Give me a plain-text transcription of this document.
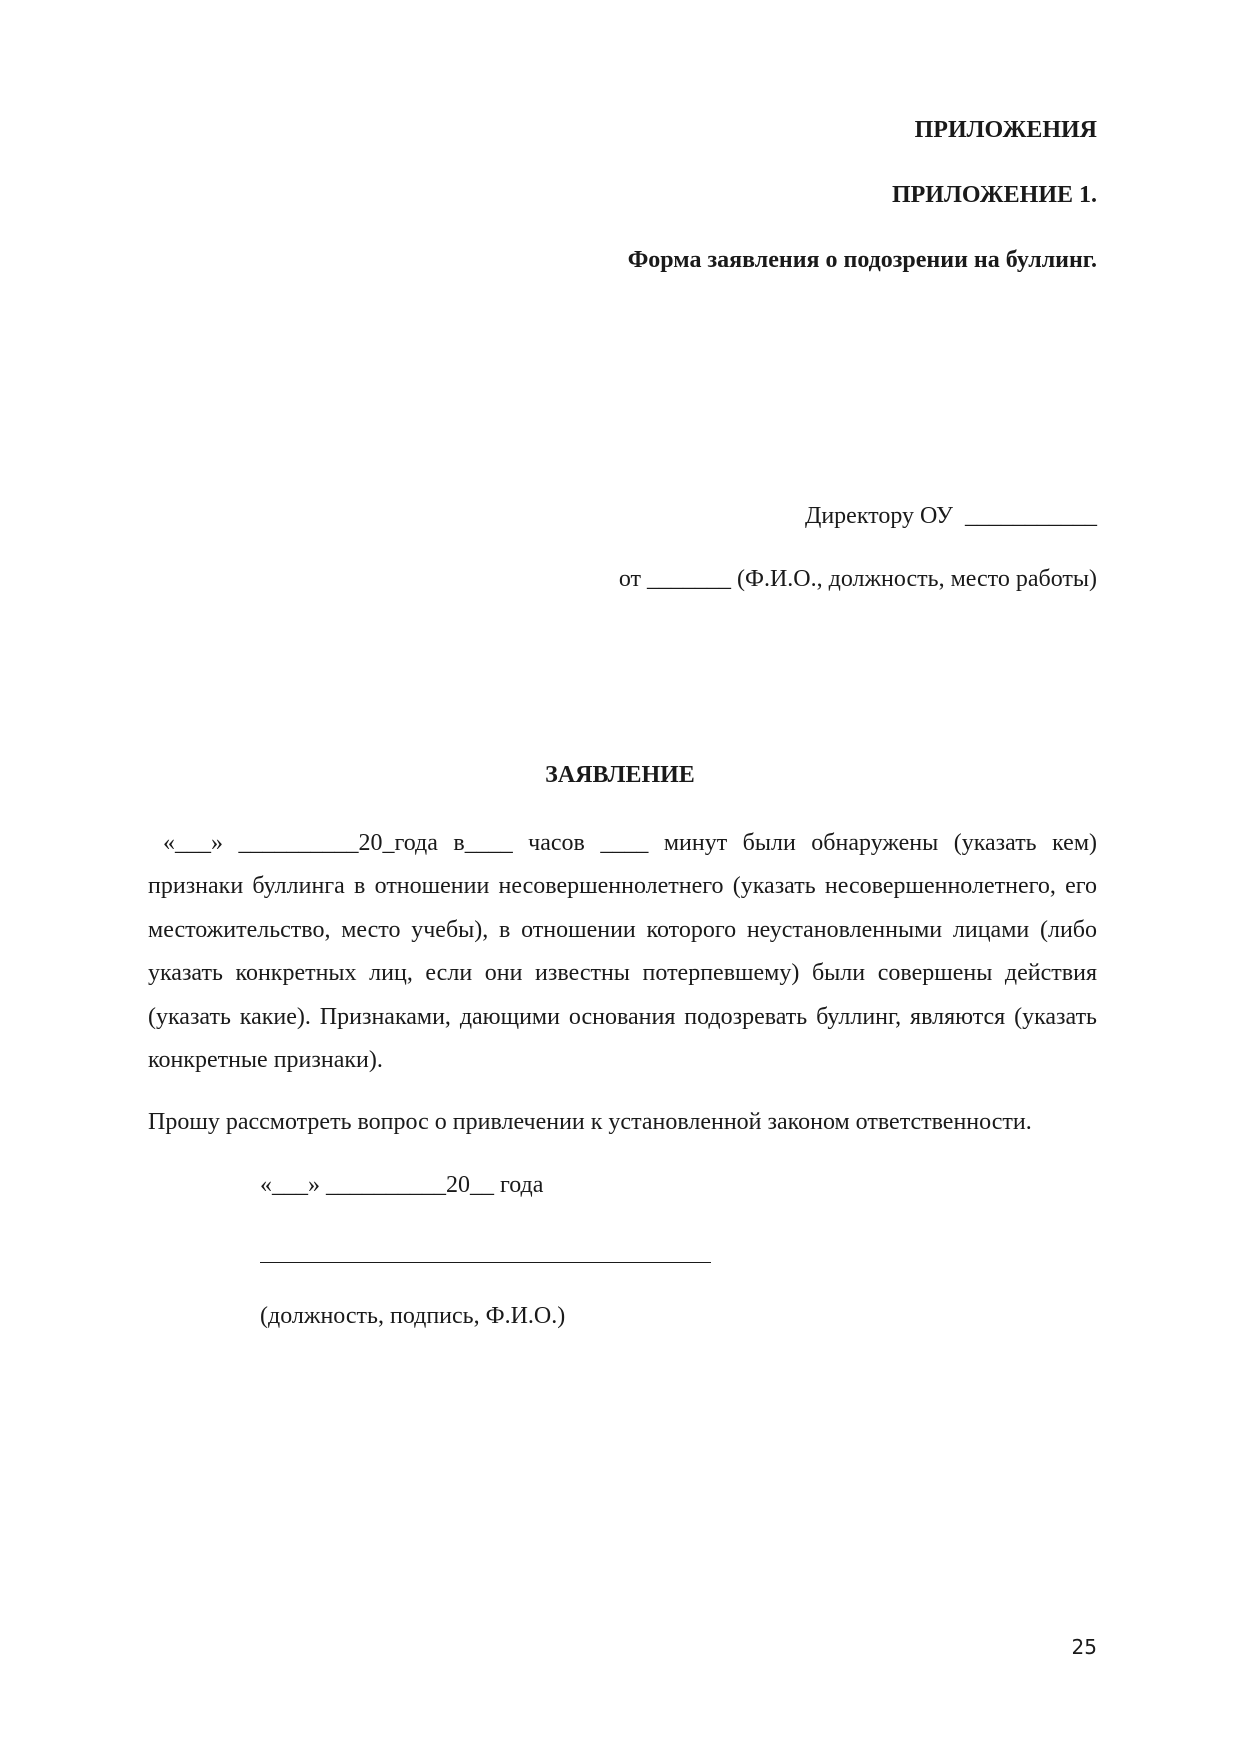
ПРИЛОЖЕНИЯ
ПРИЛОЖЕНИЕ 1.
Форма заявления о подозрении на буллинг.
Директору ОУ  ___________
от _______ (Ф.И.О., должность, место работы)
ЗАЯВЛЕНИЕ
«___» __________20_года в____ часов ____ минут были обнаружены (указать кем) признаки буллинга в отношении несовершеннолетнего (указать несовершеннолетнего, его местожительство, место учебы), в отношении которого неустановленными лицами (либо указать конкретных лиц, если они известны потерпевшему) были совершены действия (указать какие). Признаками, дающими основания подозревать буллинг, являются (указать конкретные признаки).
Прошу рассмотреть вопрос о привлечении к установленной законом ответственности.
«___» __________20__ года
(должность, подпись, Ф.И.О.)
25
